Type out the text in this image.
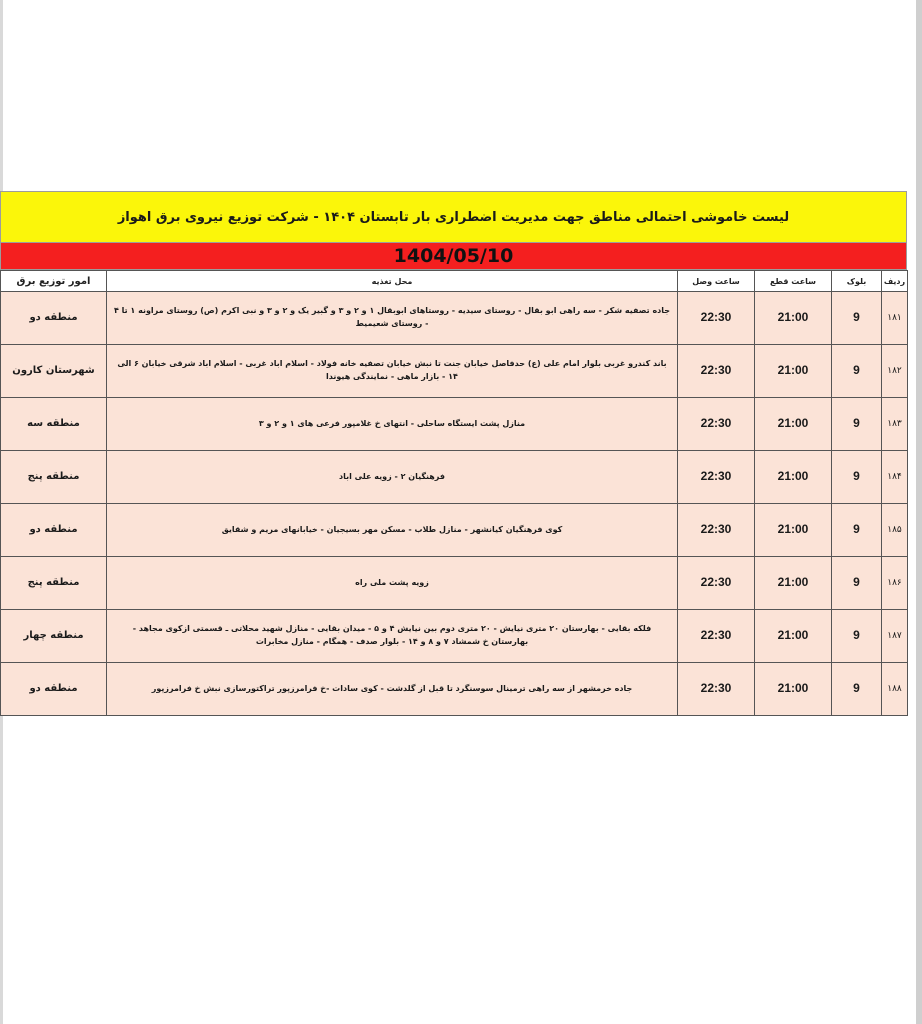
لیست خاموشی احتمالی مناطق جهت مدیریت اضطراری بار تابستان ۱۴۰۴ - شرکت توزیع نیروی برق اهواز
1404/05/10
ردیف	بلوک	ساعت قطع	ساعت وصل	محل تغذیه	امور توزیع برق
۱۸۱	9	21:00	22:30	جاده تصفیه شکر - سه راهی ابو بقال - روستای سیدیه - روستاهای ابوبقال ۱ و ۲ و ۳ و گبیر یک و ۲ و ۳ و نبی اکرم (ص) روستای مراونه ۱ تا ۴ - روستای شعیمیط	منطقه دو
۱۸۲	9	21:00	22:30	باند کندرو غربی بلوار امام علی (ع) حدفاصل خیابان جنت تا نبش خیابان تصفیه خانه فولاد - اسلام اباد غربی - اسلام اباد شرقی خیابان ۶ الی ۱۴ - بازار ماهی - نمایندگی هیوندا	شهرستان کارون
۱۸۳	9	21:00	22:30	منازل پشت ایستگاه ساحلی - انتهای خ غلامپور فرعی های ۱ و ۲ و ۳	منطقه سه
۱۸۴	9	21:00	22:30	فرهنگیان ۲ - زویه علی اباد	منطقه پنج
۱۸۵	9	21:00	22:30	کوی فرهنگیان کیانشهر - منازل طلاب - مسکن مهر بسیجیان - خیابانهای مریم و شقایق	منطقه دو
۱۸۶	9	21:00	22:30	زویه پشت ملی راه	منطقه پنج
۱۸۷	9	21:00	22:30	فلکه بقایی - بهارستان ۲۰ متری نیایش - ۲۰ متری دوم بین نیایش ۴ و ۵ - میدان بقایی - منازل شهید محلاتی ـ قسمتی ازکوی مجاهد - بهارستان خ شمشاد ۷ و ۸ و ۱۴ - بلوار صدف - همگام - منازل مخابرات	منطقه چهار
۱۸۸	9	21:00	22:30	جاده خرمشهر از سه راهی ترمینال سوسنگرد تا قبل از گلدشت - کوی سادات -خ فرامرزپور تراکتورسازی نبش خ فرامرزپور	منطقه دو
